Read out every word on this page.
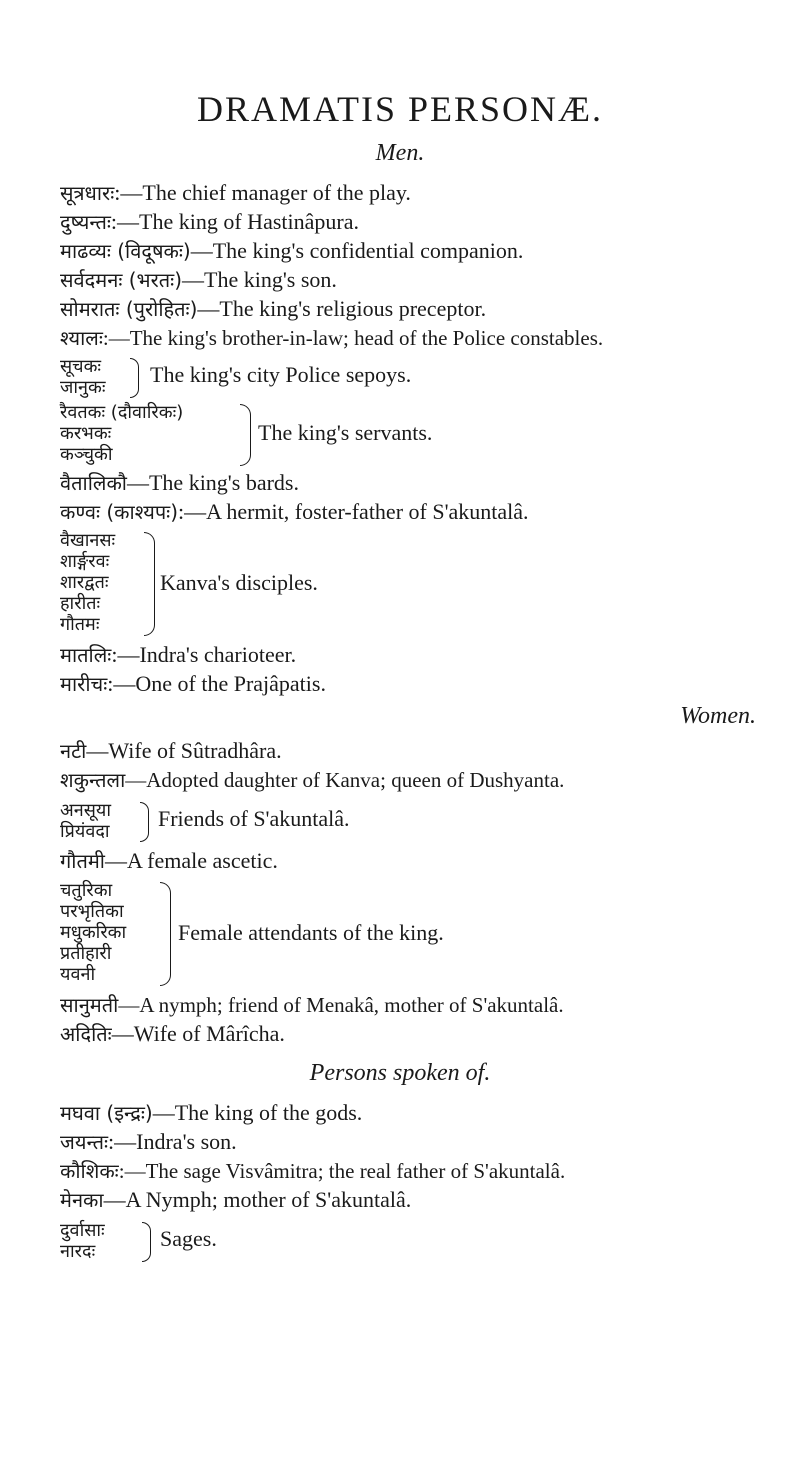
DRAMATIS PERSONÆ.
Men.
सूत्रधारः:—The chief manager of the play.
दुष्यन्तः:—The king of Hastinâpura.
माढव्यः (विदूषकः)—The king's confidential companion.
सर्वदमनः (भरतः)—The king's son.
सोमरातः (पुरोहितः)—The king's religious preceptor.
श्यालः:—The king's brother-in-law; head of the Police constables.
सूचकः
जानुकः
The king's city Police sepoys.
रैवतकः (दौवारिकः)
करभकः
कञ्चुकी
The king's servants.
वैतालिकौ—The king's bards.
कण्वः (काश्यपः):—A hermit, foster-father of S'akuntalâ.
वैखानसः
शार्ङ्गरवः
शारद्वतः
हारीतः
गौतमः
Kanva's disciples.
मातलिः:—Indra's charioteer.
मारीचः:—One of the Prajâpatis.
Women.
नटी—Wife of Sûtradhâra.
शकुन्तला—Adopted daughter of Kanva; queen of Dushyanta.
अनसूया
प्रियंवदा
Friends of S'akuntalâ.
गौतमी—A female ascetic.
चतुरिका
परभृतिका
मधुकरिका
प्रतीहारी
यवनी
Female attendants of the king.
सानुमती—A nymph; friend of Menakâ, mother of S'akuntalâ.
अदितिः—Wife of Mârîcha.
Persons spoken of.
मघवा (इन्द्रः)—The king of the gods.
जयन्तः:—Indra's son.
कौशिकः:—The sage Visvâmitra; the real father of S'akuntalâ.
मेनका—A Nymph; mother of S'akuntalâ.
दुर्वासाः
नारदः
Sages.
